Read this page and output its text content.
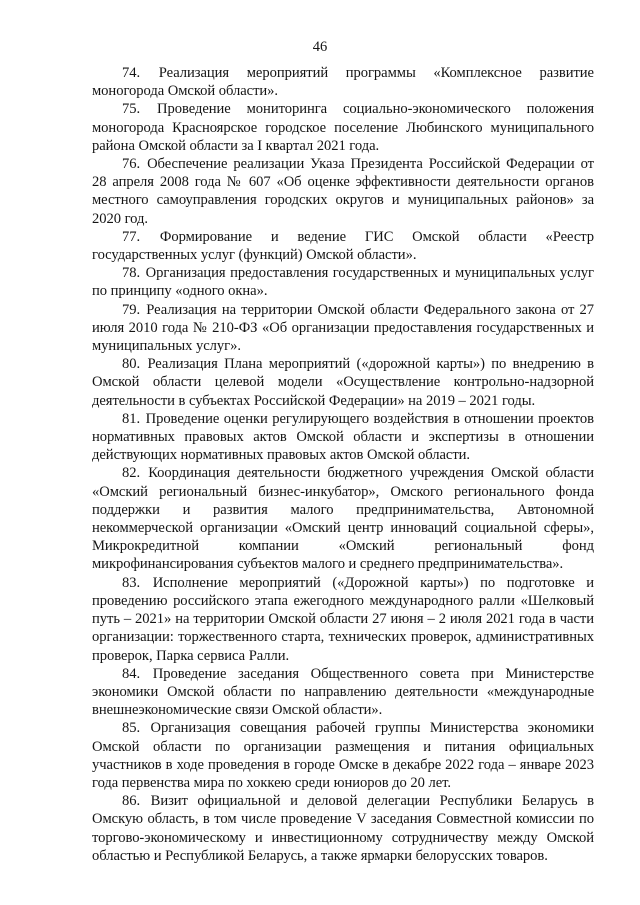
46

74. Реализация мероприятий программы «Комплексное развитие моногорода Омской области».

75. Проведение мониторинга социально-экономического положения моногорода Красноярское городское поселение Любинского муниципального района Омской области за I квартал 2021 года.

76. Обеспечение реализации Указа Президента Российской Федерации от 28 апреля 2008 года № 607 «Об оценке эффективности деятельности органов местного самоуправления городских округов и муниципальных районов» за 2020 год.

77. Формирование и ведение ГИС Омской области «Реестр государственных услуг (функций) Омской области».

78. Организация предоставления государственных и муниципальных услуг по принципу «одного окна».

79. Реализация на территории Омской области Федерального закона от 27 июля 2010 года № 210-ФЗ «Об организации предоставления государственных и муниципальных услуг».

80. Реализация Плана мероприятий («дорожной карты») по внедрению в Омской области целевой модели «Осуществление контрольно-надзорной деятельности в субъектах Российской Федерации» на 2019 – 2021 годы.

81. Проведение оценки регулирующего воздействия в отношении проектов нормативных правовых актов Омской области и экспертизы в отношении действующих нормативных правовых актов Омской области.

82. Координация деятельности бюджетного учреждения Омской области «Омский региональный бизнес-инкубатор», Омского регионального фонда поддержки и развития малого предпринимательства, Автономной некоммерческой организации «Омский центр инноваций социальной сферы», Микрокредитной компании «Омский региональный фонд микрофинансирования субъектов малого и среднего предпринимательства».

83. Исполнение мероприятий («Дорожной карты») по подготовке и проведению российского этапа ежегодного международного ралли «Шелковый путь – 2021» на территории Омской области 27 июня – 2 июля 2021 года в части организации: торжественного старта, технических проверок, административных проверок, Парка сервиса Ралли.

84. Проведение заседания Общественного совета при Министерстве экономики Омской области по направлению деятельности «международные внешнеэкономические связи Омской области».

85. Организация совещания рабочей группы Министерства экономики Омской области по организации размещения и питания официальных участников в ходе проведения в городе Омске в декабре 2022 года – январе 2023 года первенства мира по хоккею среди юниоров до 20 лет.

86. Визит официальной и деловой делегации Республики Беларусь в Омскую область, в том числе проведение V заседания Совместной комиссии по торгово-экономическому и инвестиционному сотрудничеству между Омской областью и Республикой Беларусь, а также ярмарки белорусских товаров.
